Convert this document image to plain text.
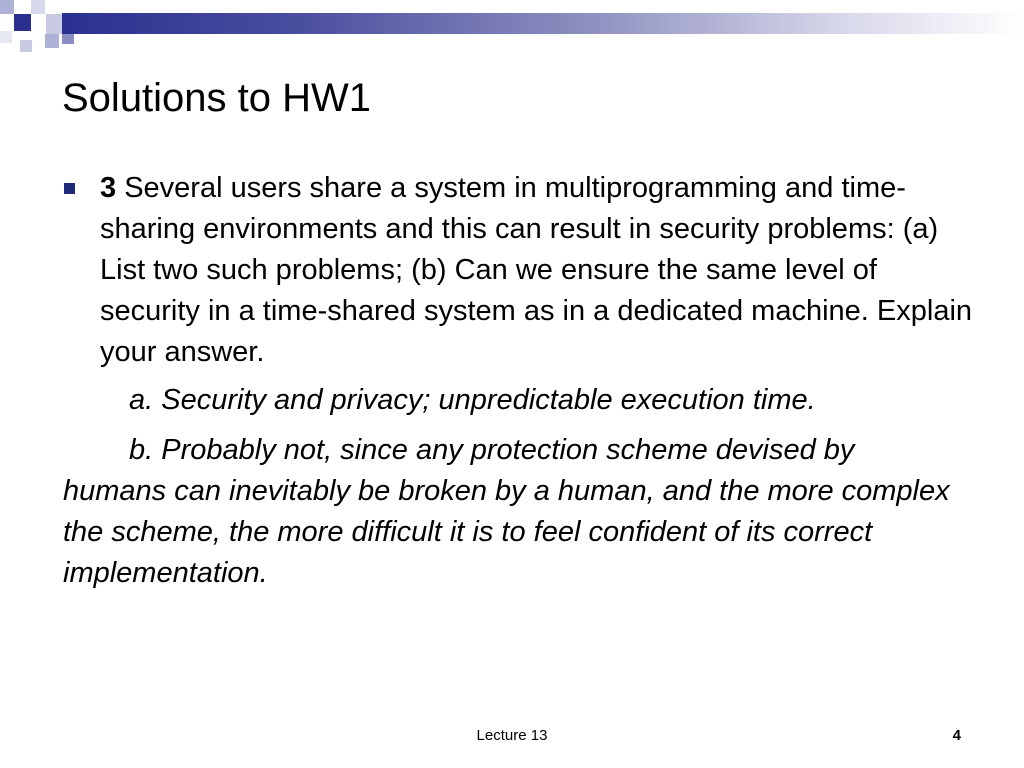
Solutions to HW1

3 Several users share a system in multiprogramming and time-sharing environments and this can result in security problems: (a) List two such problems; (b) Can we ensure the same level of security in a time-shared system as in a dedicated machine. Explain your answer.

a. Security and privacy; unpredictable execution time.

b. Probably not, since any protection scheme devised by humans can inevitably be broken by a human, and the more complex the scheme, the more difficult it is to feel confident of its correct implementation.

Lecture 13	4
